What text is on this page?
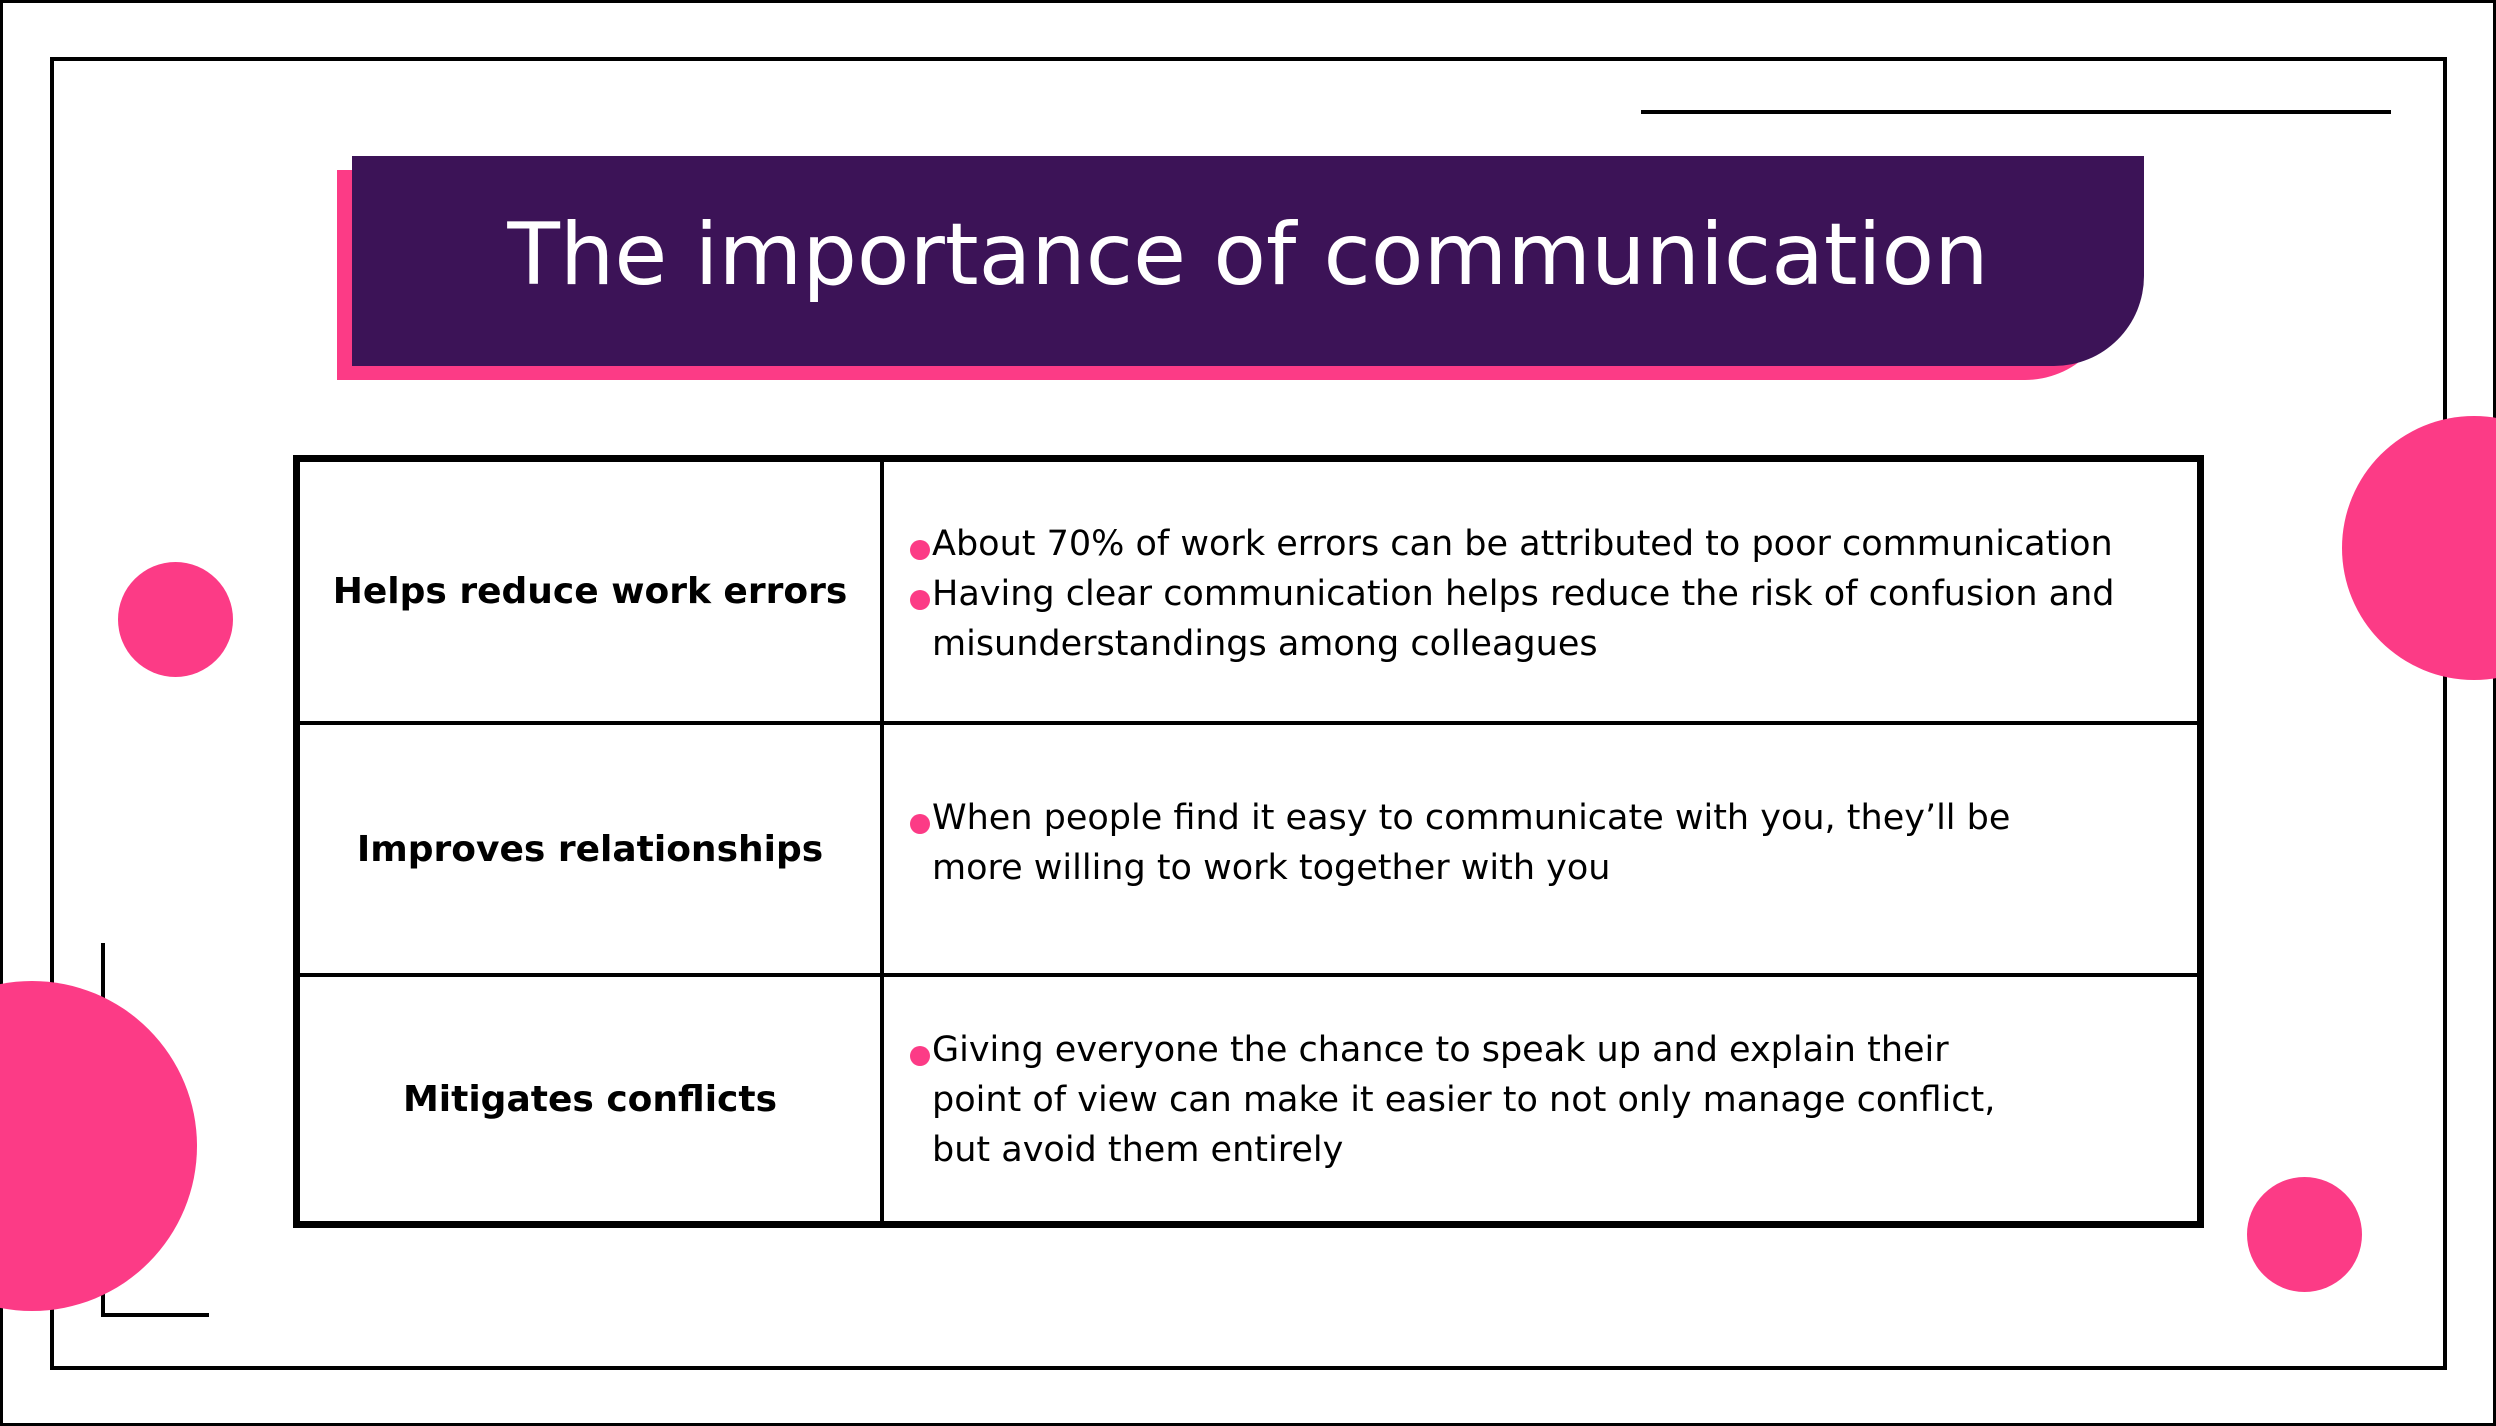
The importance of communication
Helps reduce work errors
About 70% of work errors can be attributed to poor communication
Having clear communication helps reduce the risk of confusion and misunderstandings among colleagues
Improves relationships
When people find it easy to communicate with you, they’ll be more willing to work together with you
Mitigates conflicts
Giving everyone the chance to speak up and explain their point of view can make it easier to not only manage conflict, but avoid them entirely
